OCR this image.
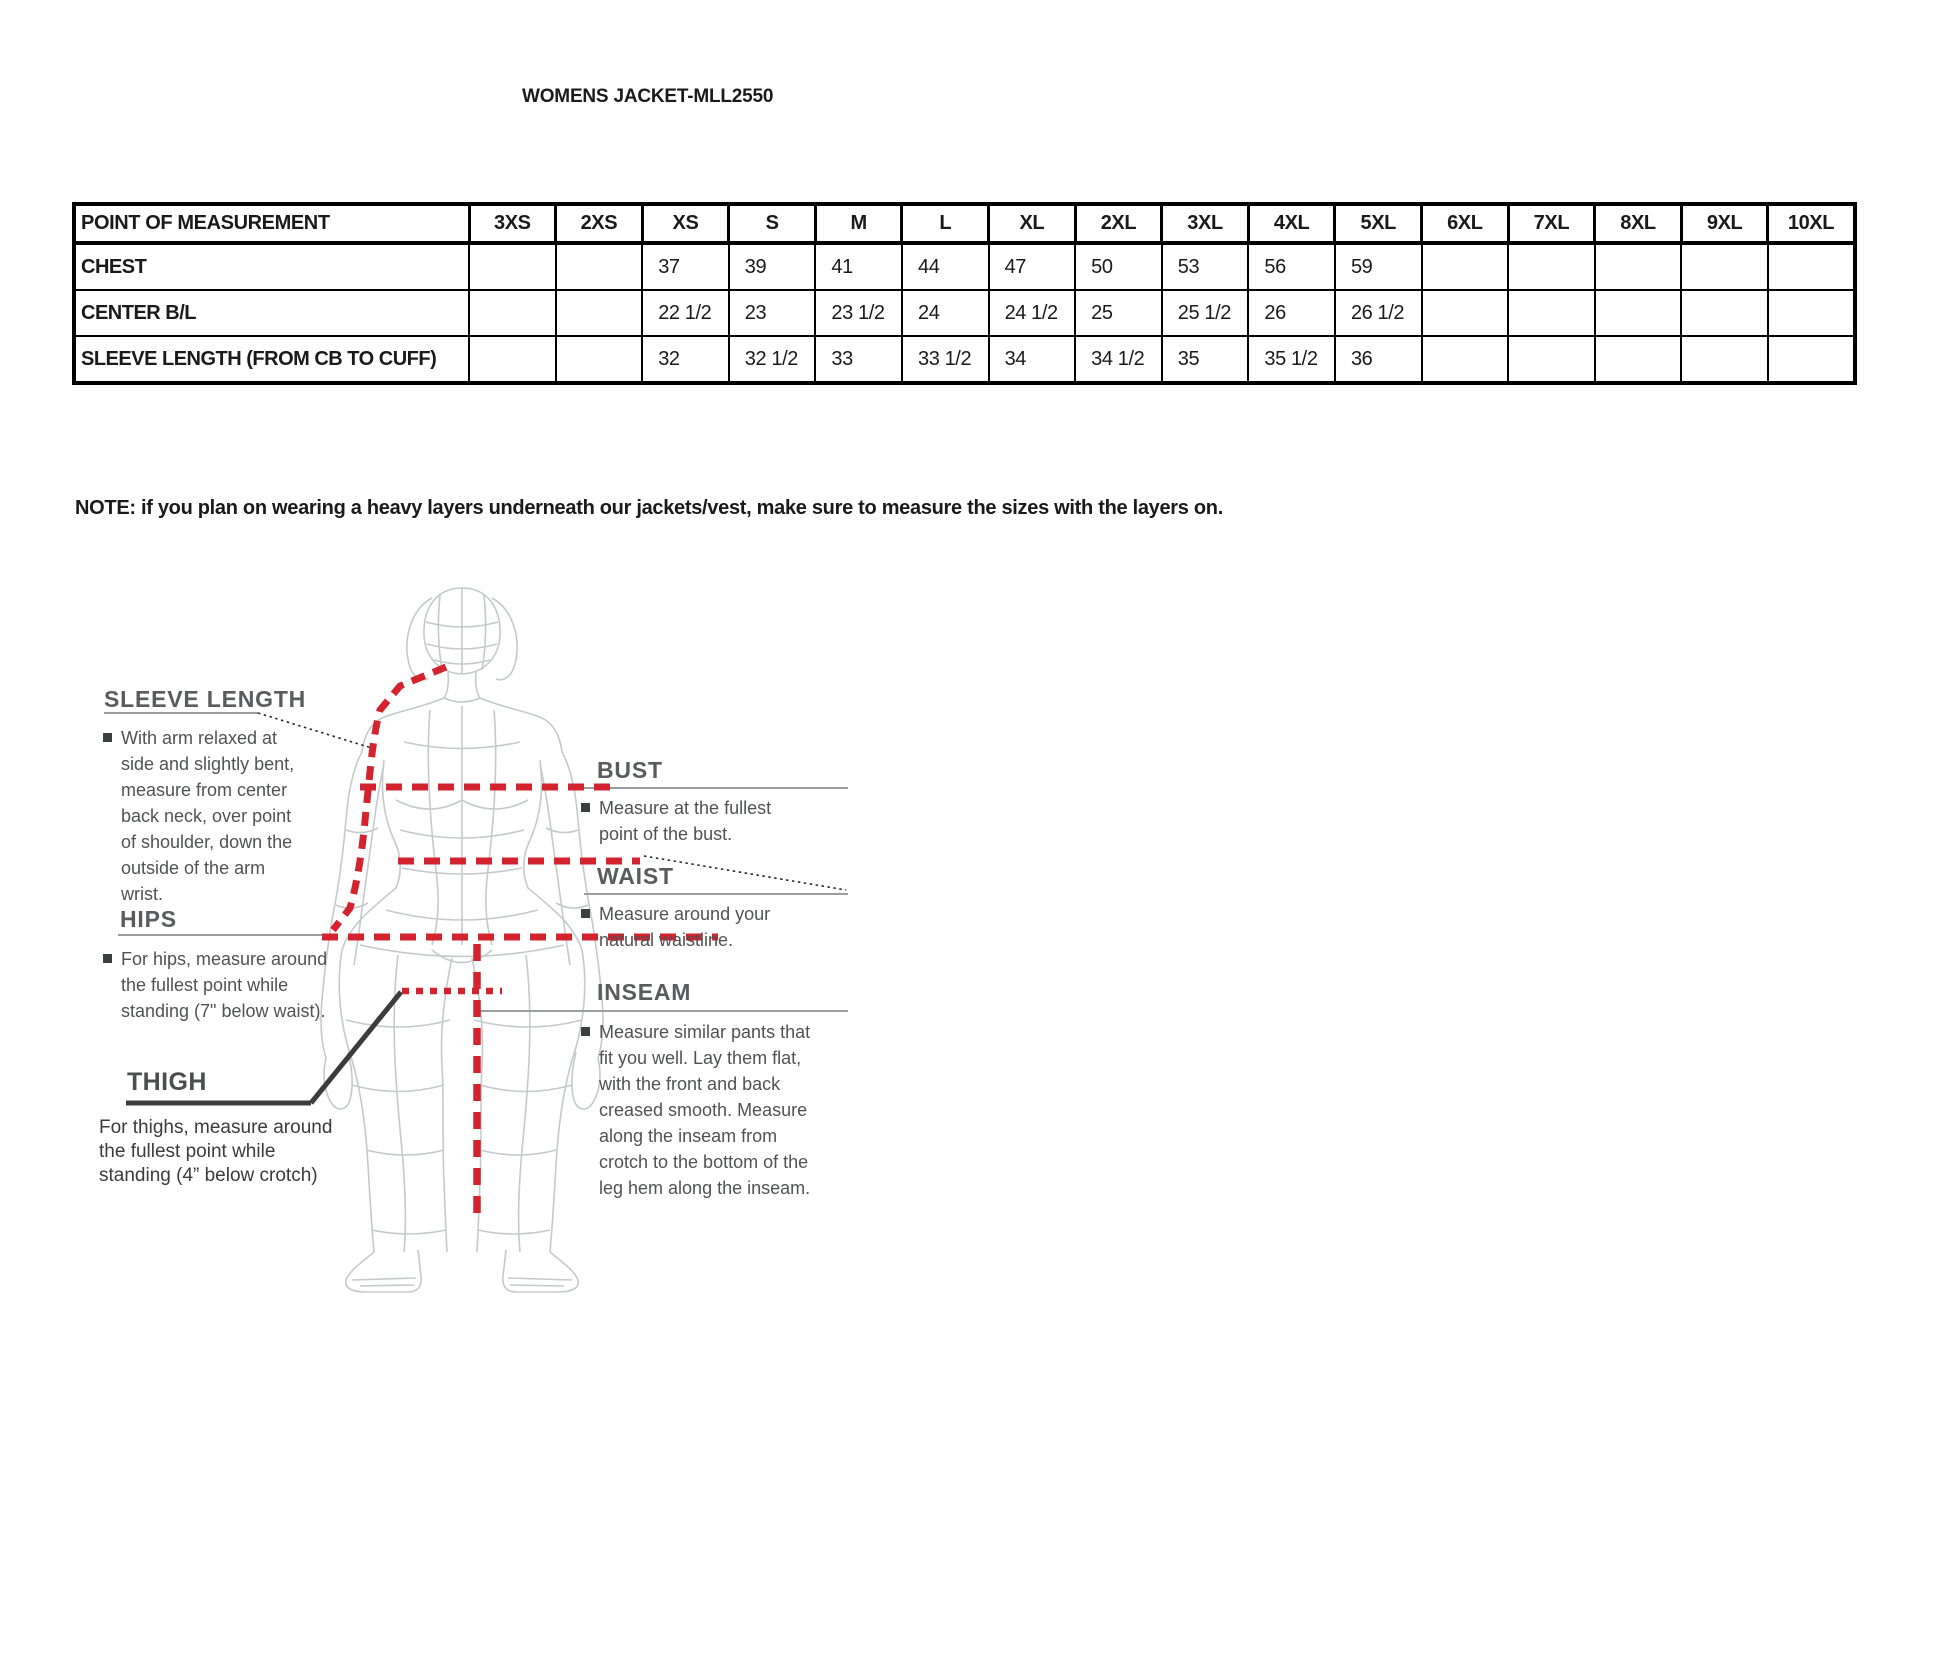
WOMENS JACKET-MLL2550
POINT OF MEASUREMENT	3XS	2XS	XS	S	M	L	XL	2XL	3XL	4XL	5XL	6XL	7XL	8XL	9XL	10XL
CHEST			37	39	41	44	47	50	53	56	59					
CENTER B/L			22 1/2	23	23 1/2	24	24 1/2	25	25 1/2	26	26 1/2					
SLEEVE LENGTH (FROM CB TO CUFF)			32	32 1/2	33	33 1/2	34	34 1/2	35	35 1/2	36					
NOTE: if you plan on wearing a heavy layers underneath our jackets/vest, make sure to measure the sizes with the layers on.
SLEEVE LENGTH
With arm relaxed at side and slightly bent, measure from center back neck, over point of shoulder, down the outside of the arm wrist.
HIPS
For hips, measure around the fullest point while standing (7" below waist).
THIGH
For thighs, measure around the fullest point while standing (4” below crotch)
BUST
Measure at the fullest point of the bust.
WAIST
Measure around your natural waistline.
INSEAM
Measure similar pants that fit you well. Lay them flat, with the front and back creased smooth. Measure along the inseam from crotch to the bottom of the leg hem along the inseam.
